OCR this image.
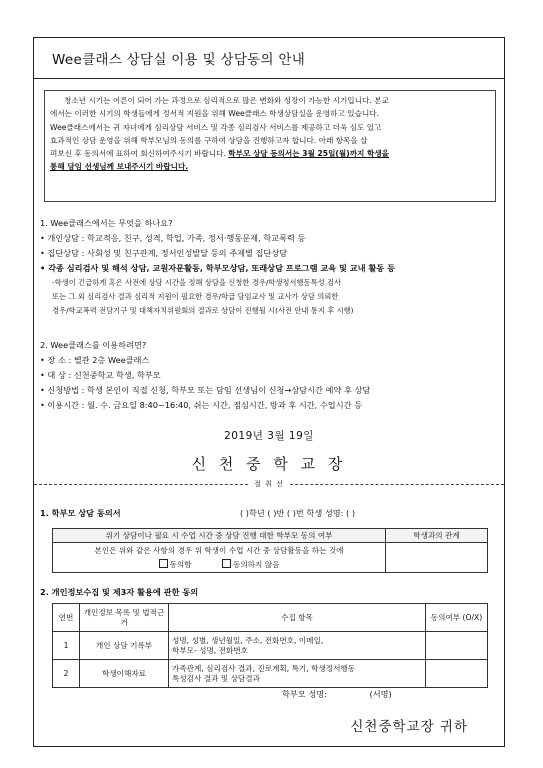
Wee클래스 상담실 이용 및 상담동의 안내

청소년 시기는 어른이 되어 가는 과정으로 심리적으로 많은 변화와 성장이 가능한 시기입니다. 본교

에서는 이러한 시기의 학생들에게 정서적 지원을 위해 Wee클래스 학생상담실을 운영하고 있습니다.

Wee클래스에서는 귀 자녀에게 심리상담 서비스 및 각종 심리검사 서비스를 제공하고 더욱 심도 있고

효과적인 상담 운영을 위해 학부모님의 동의를 구하여 상담을 진행하고자 합니다. 아래 항목을 살

펴보신 후 동의서에 표하여 회신하여주시기 바랍니다. 학부모 상담 동의서는 3월 25일(월)까지 학생을

통해 담임 선생님께 보내주시기 바랍니다.

1. Wee클래스에서는 무엇을 하나요?
• 개인상담 : 학교적응, 친구, 성격, 학업, 가족, 정서·행동문제, 학교폭력 등
• 집단상담 : 사회성 및 친구관계, 정서인성발달 등의 주제별 집단상담
• 각종 심리검사 및 해석 상담, 교원자문활동, 학부모상담, 또래상담 프로그램 교육 및 교내 활동 등
-학생이 긴급하게 혹은 사전에 상담 시간을 정해 상담을 신청한 경우/학생정서행동특성 검사
또는 그 외 심리검사 결과 심리적 지원이 필요한 경우/학급 담임교사 및 교사가 상담 의뢰한
경우/학교폭력 전담기구 및 대책자치위원회의 결과로 상담이 진행될 시(사전 안내 통지 후 시행)
2. Wee클래스를 이용하려면?
• 장 소 : 별관 2층 Wee클래스
• 대 상 : 신천중학교 학생, 학부모
• 신청방법 : 학생 본인이 직접 신청, 학부모 또는 담임 선생님이 신청→상담시간 예약 후 상담
• 이용시간 : 월. 수. 금요일 8:40~16:40, 쉬는 시간, 점심시간, 방과 후 시간, 수업시간 등
2019년 3월 19일
신 천 중 학 교 장
절 취 선
1. 학부모 상담 동의서	( )학년 ( )반 ( )번 학생 성명: ( )
위기 상담이나 필요 시 수업 시간 중 상담 진행 대한 학부모 동의 여부	학생과의 관계

본인은 위와 같은 사항의 경우 위 학생이 수업 시간 중 상담활동을 하는 것에
동의함 동의하지 않음	

2. 개인정보수집 및 제3자 활용에 관한 동의
연번	개인정보 목록 및 법적근거	수집 항목	동의여부 (O/X)
1	개인 상담 기록부	성명, 성별, 생년월일, 주소, 전화번호, 이메일,
학부모- 성명, 전화번호	

2	학생이해자료	가족관계, 심리검사 결과, 진로계획, 특기, 학생정서행동
특성검사 결과 및 상담결과	

학부모 성명:	(서명)
신천중학교장 귀하
